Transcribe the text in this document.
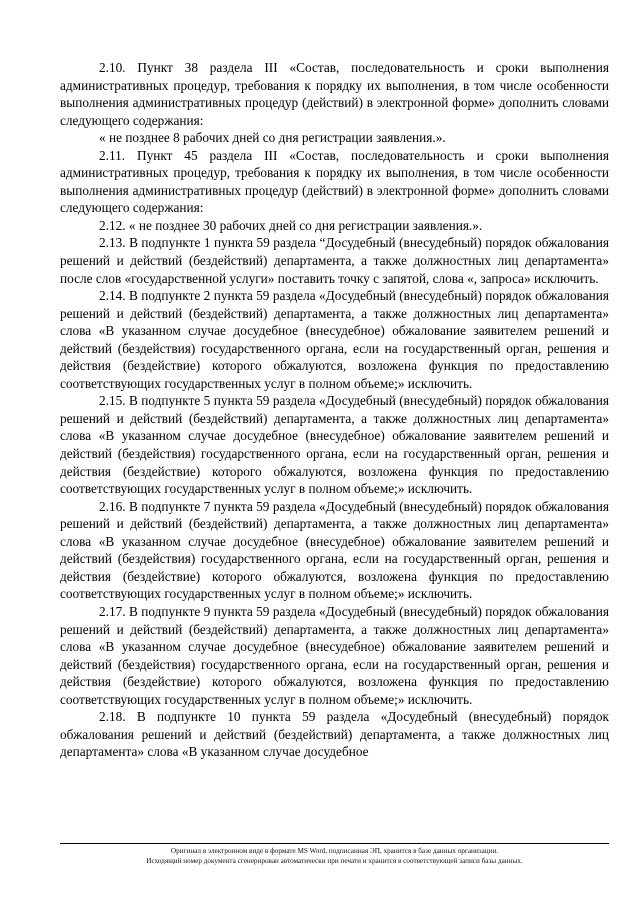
2.10. Пункт 38 раздела III «Состав, последовательность и сроки выполнения административных процедур, требования к порядку их выполнения, в том числе особенности выполнения административных процедур (действий) в электронной форме» дополнить словами следующего содержания:

« не позднее 8 рабочих дней со дня регистрации заявления.».

2.11. Пункт 45 раздела III «Состав, последовательность и сроки выполнения административных процедур, требования к порядку их выполнения, в том числе особенности выполнения административных процедур (действий) в электронной форме» дополнить словами следующего содержания:

2.12. « не позднее 30 рабочих дней со дня регистрации заявления.».

2.13. В подпункте 1 пункта 59 раздела “Досудебный (внесудебный) порядок обжалования решений и действий (бездействий) департамента, а также должностных лиц департамента» после слов «государственной услуги» поставить точку с запятой, слова «, запроса» исключить.

2.14. В подпункте 2 пункта 59 раздела «Досудебный (внесудебный) порядок обжалования решений и действий (бездействий) департамента, а также должностных лиц департамента» слова «В указанном случае досудебное (внесудебное) обжалование заявителем решений и действий (бездействия) государственного органа, если на государственный орган, решения и действия (бездействие) которого обжалуются, возложена функция по предоставлению соответствующих государственных услуг в полном объеме;» исключить.

2.15. В подпункте 5 пункта 59 раздела «Досудебный (внесудебный) порядок обжалования решений и действий (бездействий) департамента, а также должностных лиц департамента» слова «В указанном случае досудебное (внесудебное) обжалование заявителем решений и действий (бездействия) государственного органа, если на государственный орган, решения и действия (бездействие) которого обжалуются, возложена функция по предоставлению соответствующих государственных услуг в полном объеме;» исключить.

2.16. В подпункте 7 пункта 59 раздела «Досудебный (внесудебный) порядок обжалования решений и действий (бездействий) департамента, а также должностных лиц департамента» слова «В указанном случае досудебное (внесудебное) обжалование заявителем решений и действий (бездействия) государственного органа, если на государственный орган, решения и действия (бездействие) которого обжалуются, возложена функция по предоставлению соответствующих государственных услуг в полном объеме;» исключить.

2.17. В подпункте 9 пункта 59 раздела «Досудебный (внесудебный) порядок обжалования решений и действий (бездействий) департамента, а также должностных лиц департамента» слова «В указанном случае досудебное (внесудебное) обжалование заявителем решений и действий (бездействия) государственного органа, если на государственный орган, решения и действия (бездействие) которого обжалуются, возложена функция по предоставлению соответствующих государственных услуг в полном объеме;» исключить.

2.18. В подпункте 10 пункта 59 раздела «Досудебный (внесудебный) порядок обжалования решений и действий (бездействий) департамента, а также должностных лиц департамента» слова «В указанном случае досудебное

Оригинал в электронном виде в формате MS Word, подписанная ЭП, хранится в базе данных организации.
Исходящий номер документа сгенерирован автоматически при печати и хранится в соответствующей записи базы данных.
